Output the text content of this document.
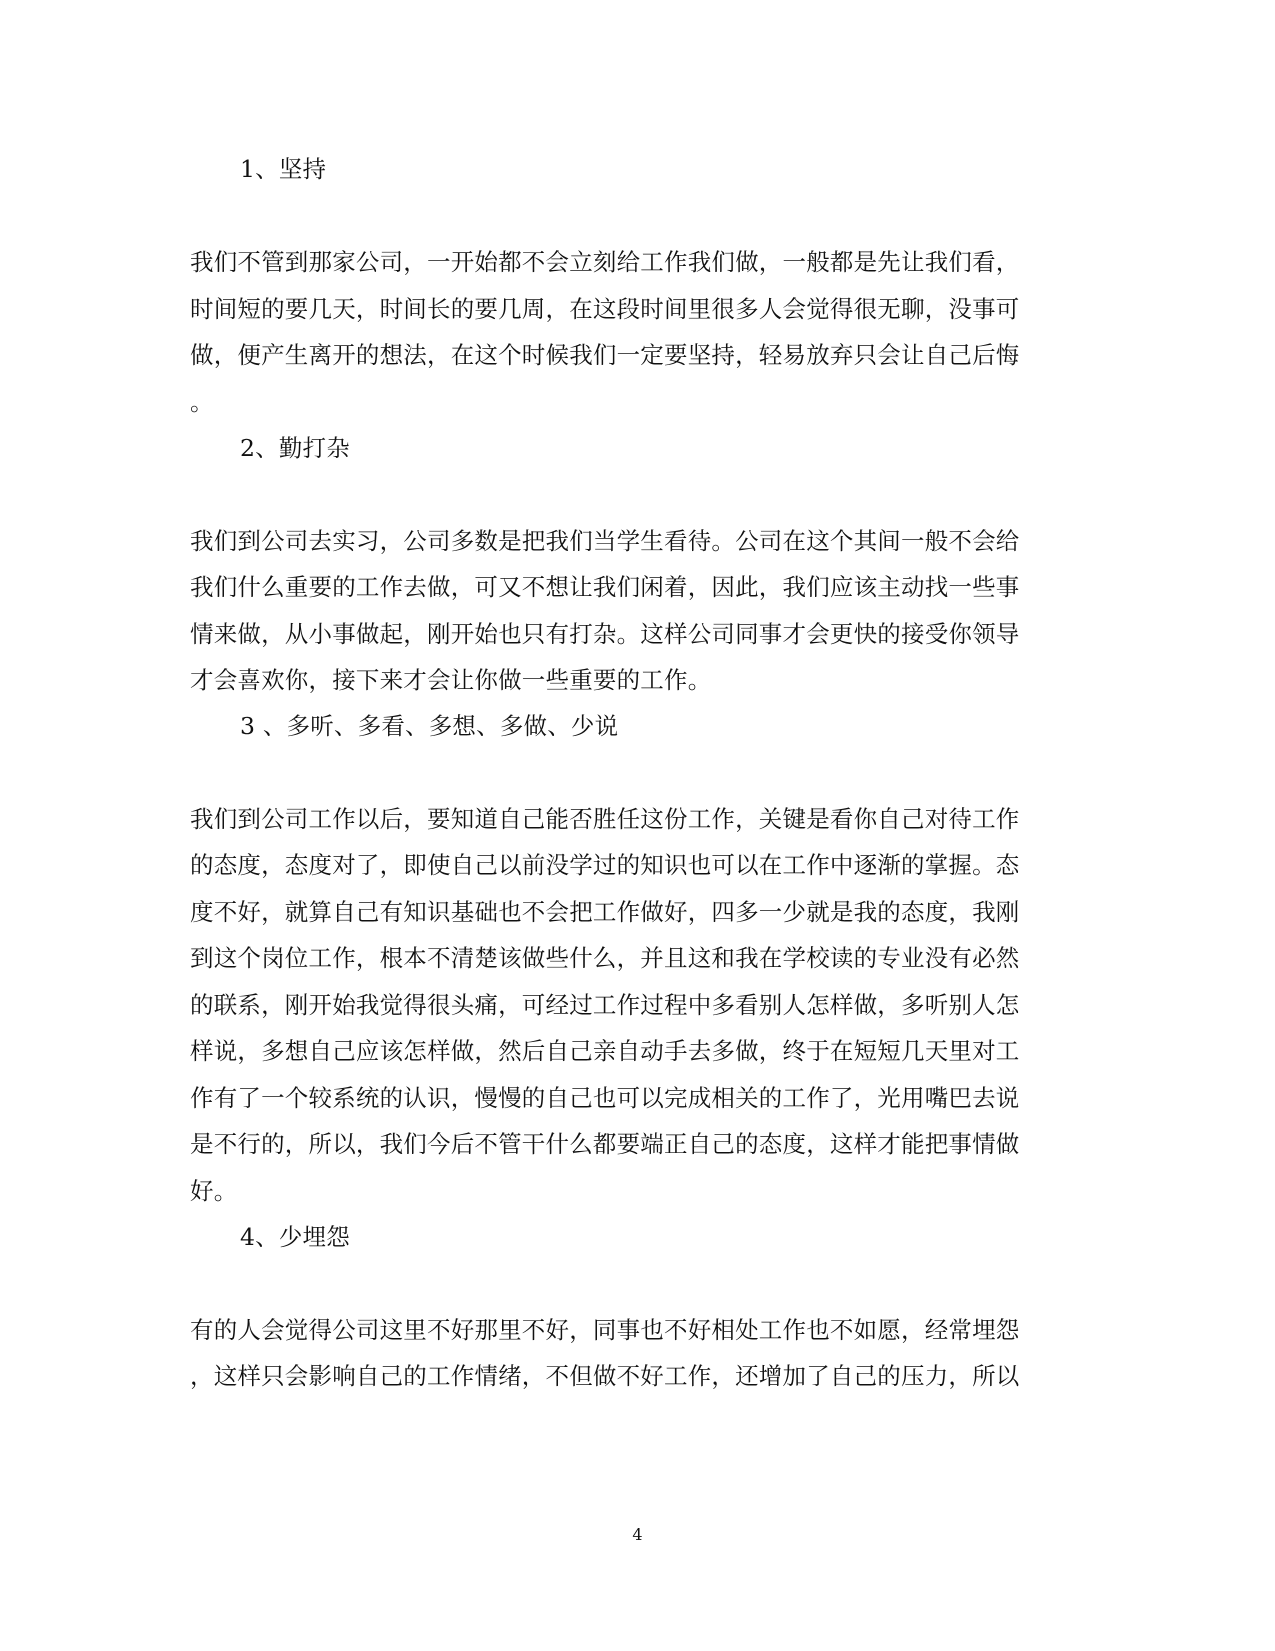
1、坚持
我们不管到那家公司，一开始都不会立刻给工作我们做，一般都是先让我们看，
时间短的要几天，时间长的要几周，在这段时间里很多人会觉得很无聊，没事可
做，便产生离开的想法，在这个时候我们一定要坚持，轻易放弃只会让自己后悔
。
2、勤打杂
我们到公司去实习，公司多数是把我们当学生看待。公司在这个其间一般不会给
我们什么重要的工作去做，可又不想让我们闲着，因此，我们应该主动找一些事
情来做，从小事做起，刚开始也只有打杂。这样公司同事才会更快的接受你领导
才会喜欢你，接下来才会让你做一些重要的工作。
3 、多听、多看、多想、多做、少说
我们到公司工作以后，要知道自己能否胜任这份工作，关键是看你自己对待工作
的态度，态度对了，即使自己以前没学过的知识也可以在工作中逐渐的掌握。态
度不好，就算自己有知识基础也不会把工作做好，四多一少就是我的态度，我刚
到这个岗位工作，根本不清楚该做些什么，并且这和我在学校读的专业没有必然
的联系，刚开始我觉得很头痛，可经过工作过程中多看别人怎样做，多听别人怎
样说，多想自己应该怎样做，然后自己亲自动手去多做，终于在短短几天里对工
作有了一个较系统的认识，慢慢的自己也可以完成相关的工作了，光用嘴巴去说
是不行的，所以，我们今后不管干什么都要端正自己的态度，这样才能把事情做
好。
4、少埋怨
有的人会觉得公司这里不好那里不好，同事也不好相处工作也不如愿，经常埋怨
，这样只会影响自己的工作情绪，不但做不好工作，还增加了自己的压力，所以
4
